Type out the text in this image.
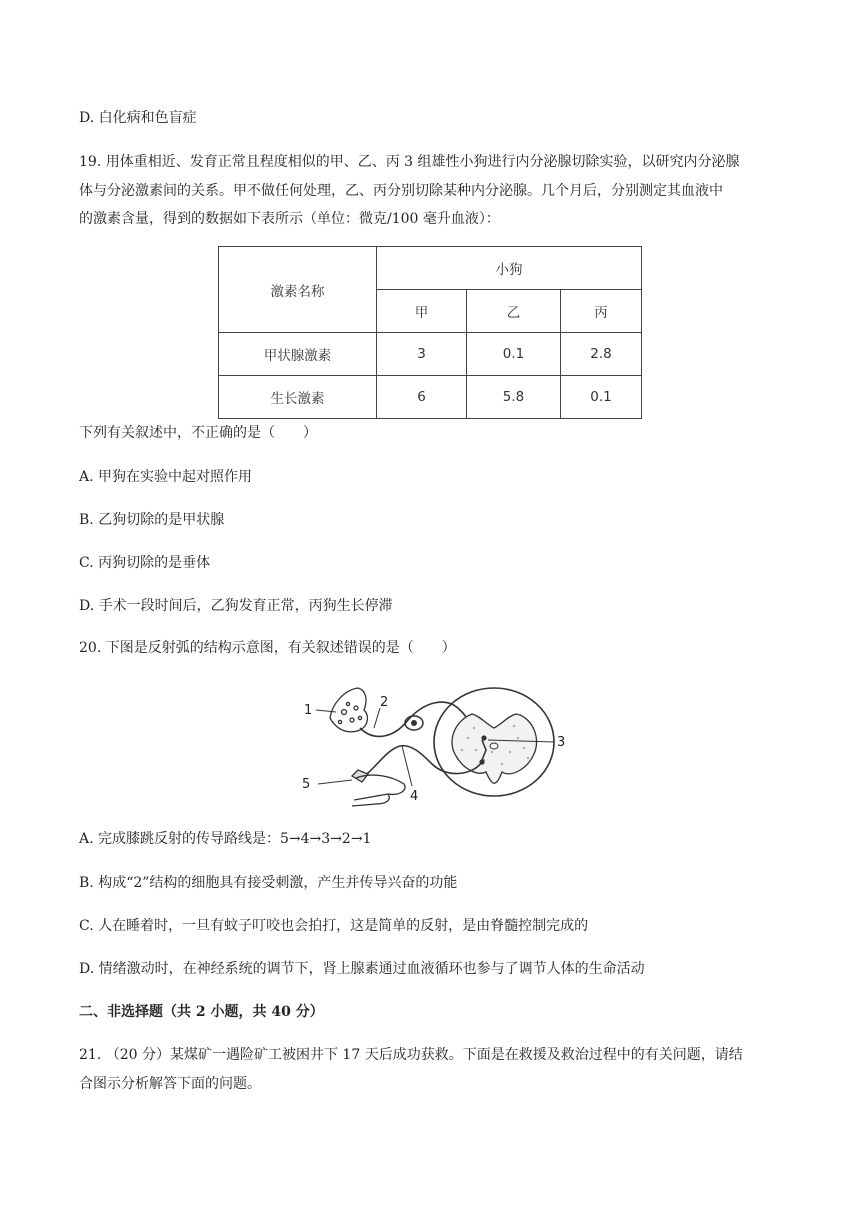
D. 白化病和色盲症
19. 用体重相近、发育正常且程度相似的甲、乙、丙 3 组雄性小狗进行内分泌腺切除实验，以研究内分泌腺
体与分泌激素间的关系。甲不做任何处理，乙、丙分别切除某种内分泌腺。几个月后，分别测定其血液中
的激素含量，得到的数据如下表所示（单位：微克/100 毫升血液）：
激素名称	小狗		
	甲	乙	丙
甲状腺激素	3	0.1	2.8
生长激素	6	5.8	0.1
下列有关叙述中，不正确的是（　　）
A. 甲狗在实验中起对照作用
B. 乙狗切除的是甲状腺
C. 丙狗切除的是垂体
D. 手术一段时间后，乙狗发育正常，丙狗生长停滞
20. 下图是反射弧的结构示意图，有关叙述错误的是（　　）
1
2
3
4
5
A. 完成膝跳反射的传导路线是：5→4→3→2→1
B. 构成“2”结构的细胞具有接受刺激，产生并传导兴奋的功能
C. 人在睡着时，一旦有蚊子叮咬也会拍打，这是简单的反射，是由脊髓控制完成的
D. 情绪激动时，在神经系统的调节下，肾上腺素通过血液循环也参与了调节人体的生命活动
二、非选择题（共 2 小题，共 40 分）
21. （20 分）某煤矿一遇险矿工被困井下 17 天后成功获救。下面是在救援及救治过程中的有关问题，请结
合图示分析解答下面的问题。
